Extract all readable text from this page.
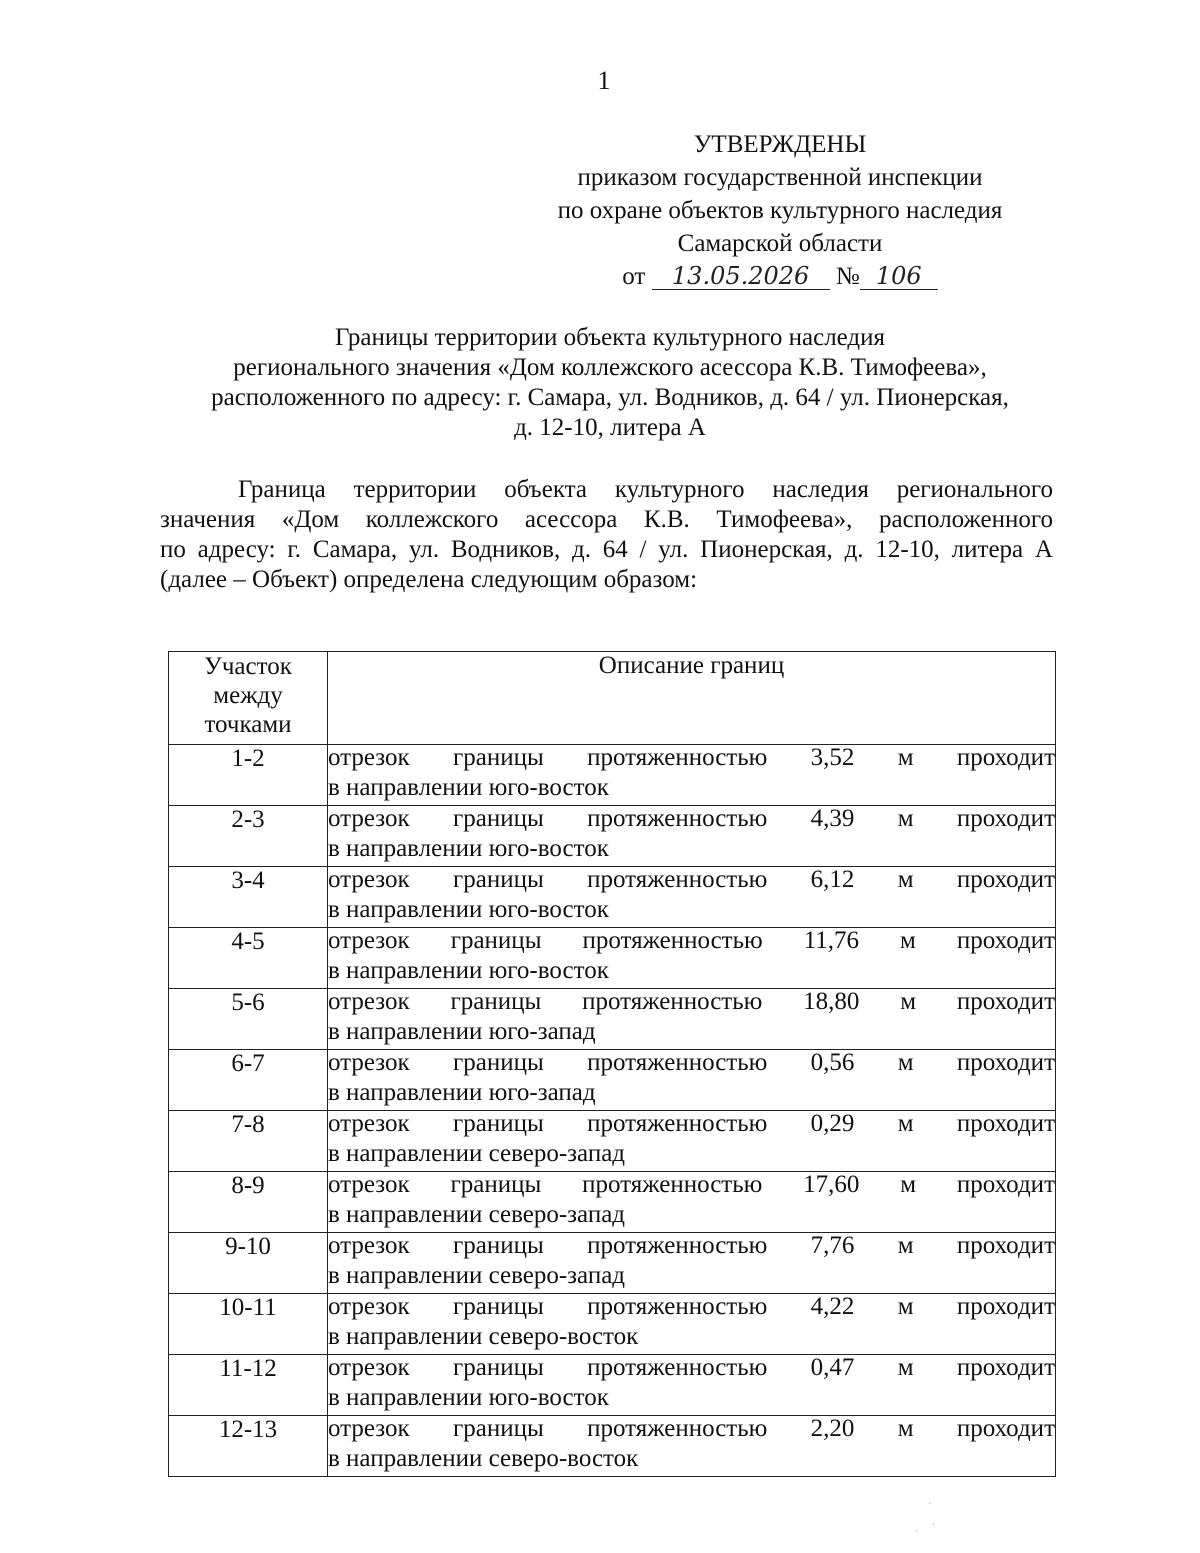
1
УТВЕРЖДЕНЫ
приказом государственной инспекции
по охране объектов культурного наследия
Самарской области
от 13.05.2026 № 106
Границы территории объекта культурного наследия
регионального значения «Дом коллежского асессора К.В. Тимофеева»,
расположенного по адресу: г. Самара, ул. Водников, д. 64 / ул. Пионерская,
д. 12-10, литера А
Граница территории объекта культурного наследия регионального
значения «Дом коллежского асессора К.В. Тимофеева», расположенного
по адресу: г. Самара, ул. Водников, д. 64 / ул. Пионерская, д. 12-10, литера А
(далее – Объект) определена следующим образом:
Участок
между
точками	Описание границ
1-2	отрезок границы протяженностью 3,52 м проходит
в направлении юго-восток

2-3	отрезок границы протяженностью 4,39 м проходит
в направлении юго-восток

3-4	отрезок границы протяженностью 6,12 м проходит
в направлении юго-восток

4-5	отрезок границы протяженностью 11,76 м проходит
в направлении юго-восток

5-6	отрезок границы протяженностью 18,80 м проходит
в направлении юго-запад

6-7	отрезок границы протяженностью 0,56 м проходит
в направлении юго-запад

7-8	отрезок границы протяженностью 0,29 м проходит
в направлении северо-запад

8-9	отрезок границы протяженностью 17,60 м проходит
в направлении северо-запад

9-10	отрезок границы протяженностью 7,76 м проходит
в направлении северо-запад

10-11	отрезок границы протяженностью 4,22 м проходит
в направлении северо-восток

11-12	отрезок границы протяженностью 0,47 м проходит
в направлении юго-восток

12-13	отрезок границы протяженностью 2,20 м проходит
в направлении северо-восток
˙
·
ˋ
